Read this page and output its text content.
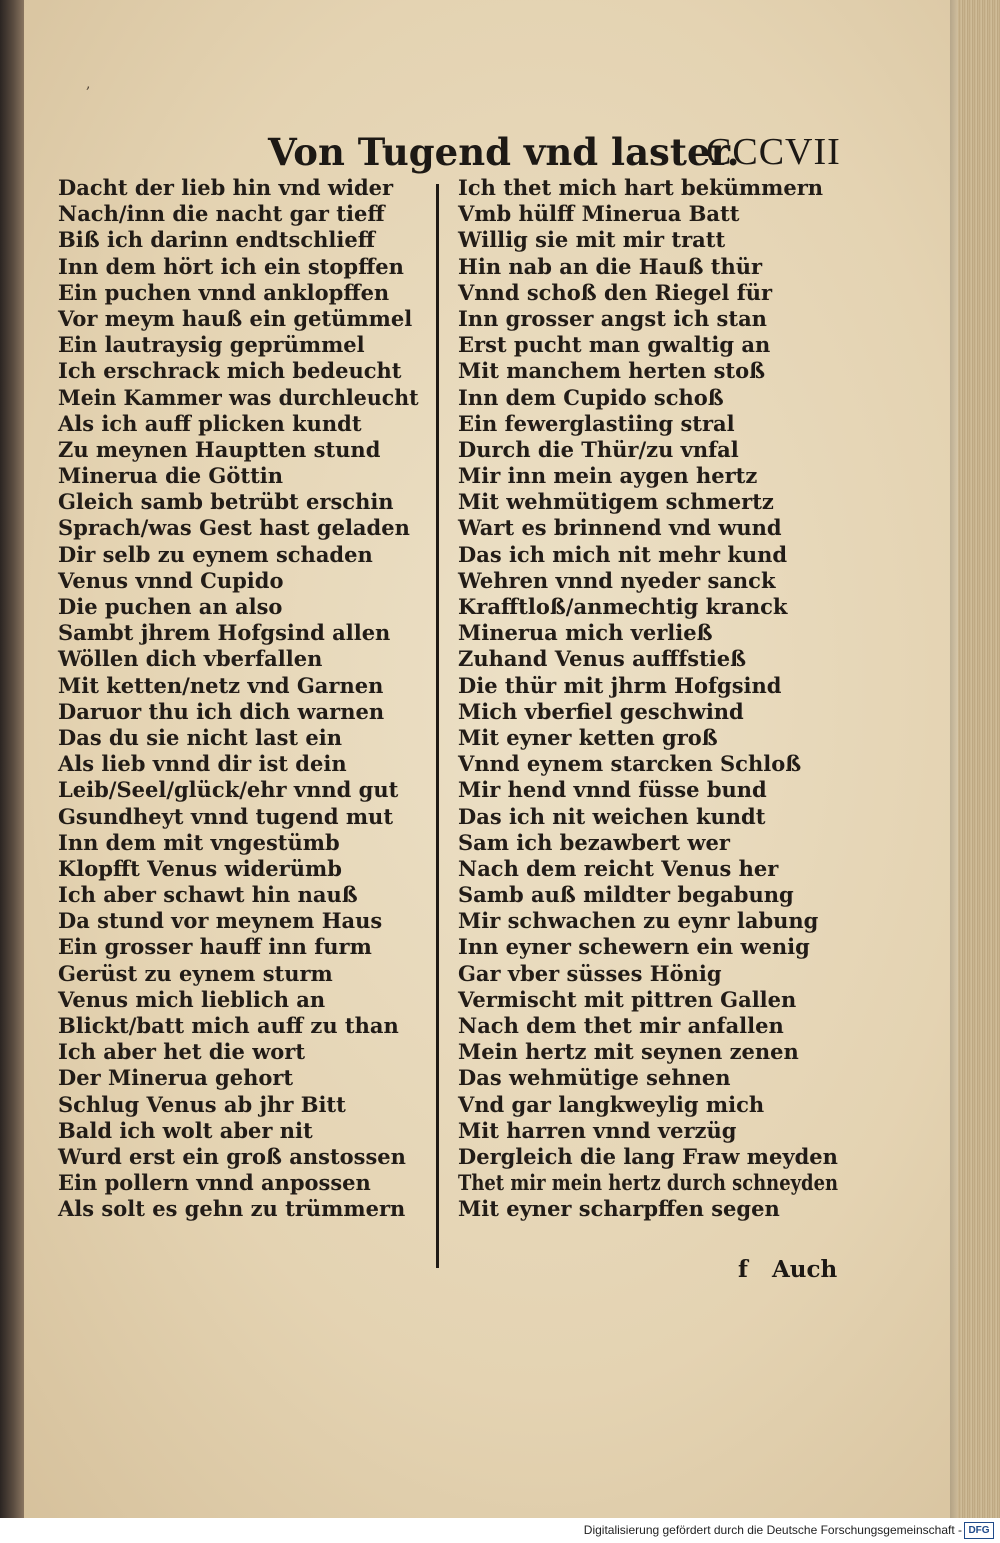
,
Von Tugend vnd laster.
CCCVII
Dacht der lieb hin vnd wider
Nach/inn die nacht gar tieff
Biß ich darinn endtschlieff
Inn dem hört ich ein stopffen
Ein puchen vnnd anklopffen
Vor meym hauß ein getümmel
Ein lautraysig geprümmel
Ich erschrack mich bedeucht
Mein Kammer was durchleucht
Als ich auff plicken kundt
Zu meynen Hauptten stund
Minerua die Göttin
Gleich samb betrübt erschin
Sprach/was Gest hast geladen
Dir selb zu eynem schaden
Venus vnnd Cupido
Die puchen an also
Sambt jhrem Hofgsind allen
Wöllen dich vberfallen
Mit ketten/netz vnd Garnen
Daruor thu ich dich warnen
Das du sie nicht last ein
Als lieb vnnd dir ist dein
Leib/Seel/glück/ehr vnnd gut
Gsundheyt vnnd tugend mut
Inn dem mit vngestümb
Klopfft Venus widerümb
Ich aber schawt hin nauß
Da stund vor meynem Haus
Ein grosser hauff inn furm
Gerüst zu eynem sturm
Venus mich lieblich an
Blickt/batt mich auff zu than
Ich aber het die wort
Der Minerua gehort
Schlug Venus ab jhr Bitt
Bald ich wolt aber nit
Wurd erst ein groß anstossen
Ein pollern vnnd anpossen
Als solt es gehn zu trümmern
Ich thet mich hart bekümmern
Vmb hülff Minerua Batt
Willig sie mit mir tratt
Hin nab an die Hauß thür
Vnnd schoß den Riegel für
Inn grosser angst ich stan
Erst pucht man gwaltig an
Mit manchem herten stoß
Inn dem Cupido schoß
Ein fewerglastiing stral
Durch die Thür/zu vnfal
Mir inn mein aygen hertz
Mit wehmütigem schmertz
Wart es brinnend vnd wund
Das ich mich nit mehr kund
Wehren vnnd nyeder sanck
Krafftloß/anmechtig kranck
Minerua mich verließ
Zuhand Venus aufffstieß
Die thür mit jhrm Hofgsind
Mich vberfiel geschwind
Mit eyner ketten groß
Vnnd eynem starcken Schloß
Mir hend vnnd füsse bund
Das ich nit weichen kundt
Sam ich bezawbert wer
Nach dem reicht Venus her
Samb auß mildter begabung
Mir schwachen zu eynr labung
Inn eyner schewern ein wenig
Gar vber süsses Hönig
Vermischt mit pittren Gallen
Nach dem thet mir anfallen
Mein hertz mit seynen zenen
Das wehmütige sehnen
Vnd gar langkweylig mich
Mit harren vnnd verzüg
Dergleich die lang Fraw meyden
Thet mir mein hertz durch schneyden
Mit eyner scharpffen segen
f Auch
Digitalisierung gefördert durch die Deutsche Forschungsgemeinschaft - DFG
